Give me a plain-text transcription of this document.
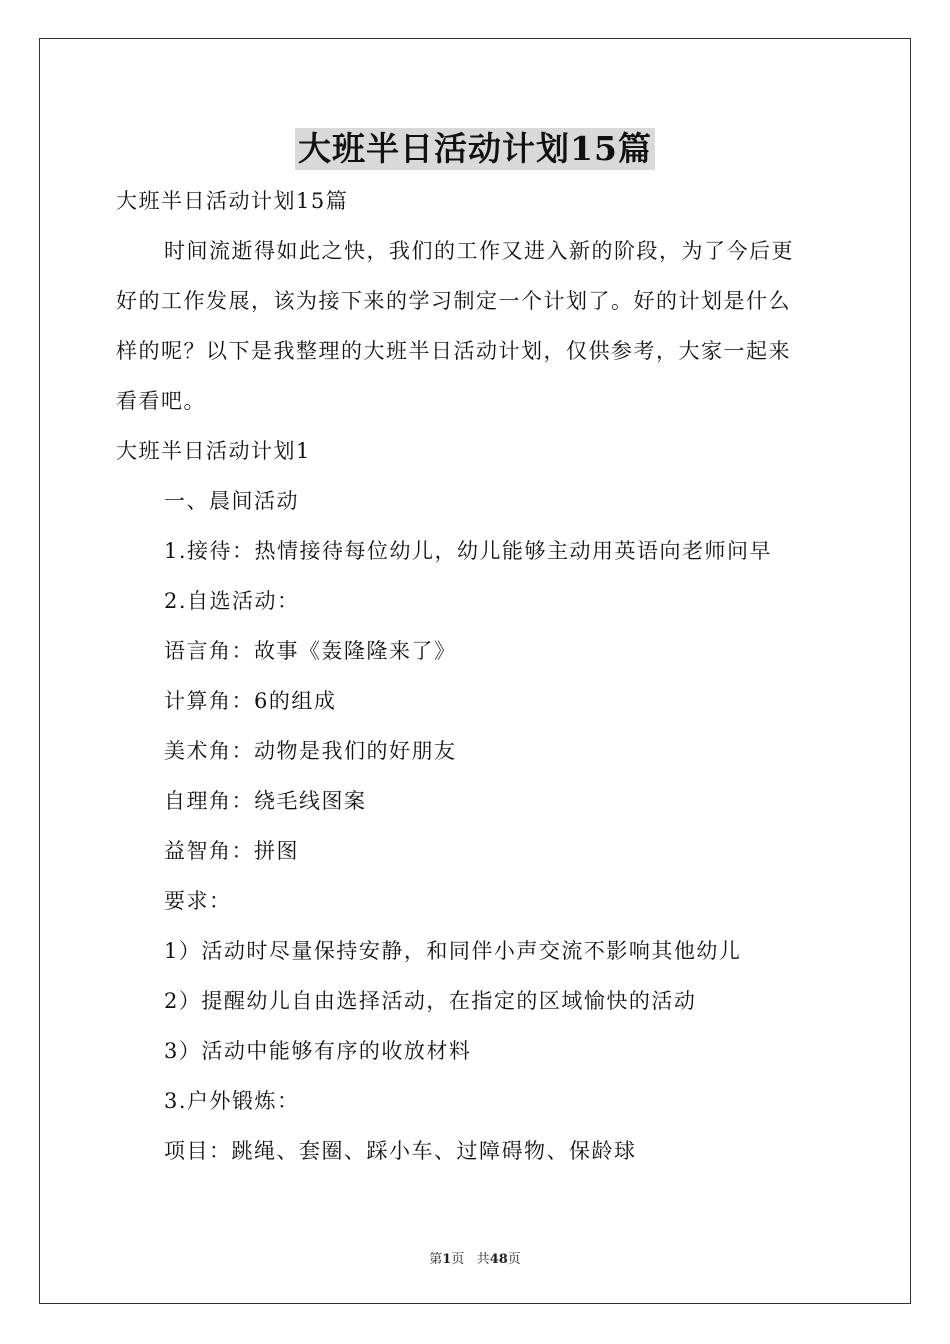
大班半日活动计划15篇
大班半日活动计划15篇
时间流逝得如此之快，我们的工作又进入新的阶段，为了今后更
好的工作发展，该为接下来的学习制定一个计划了。好的计划是什么
样的呢？以下是我整理的大班半日活动计划，仅供参考，大家一起来
看看吧。
大班半日活动计划1
一、晨间活动
1.接待：热情接待每位幼儿，幼儿能够主动用英语向老师问早
2.自选活动：
语言角：故事《轰隆隆来了》
计算角：6的组成
美术角：动物是我们的好朋友
自理角：绕毛线图案
益智角：拼图
要求：
1）活动时尽量保持安静，和同伴小声交流不影响其他幼儿
2）提醒幼儿自由选择活动，在指定的区域愉快的活动
3）活动中能够有序的收放材料
3.户外锻炼：
项目：跳绳、套圈、踩小车、过障碍物、保龄球
第1页 共48页
